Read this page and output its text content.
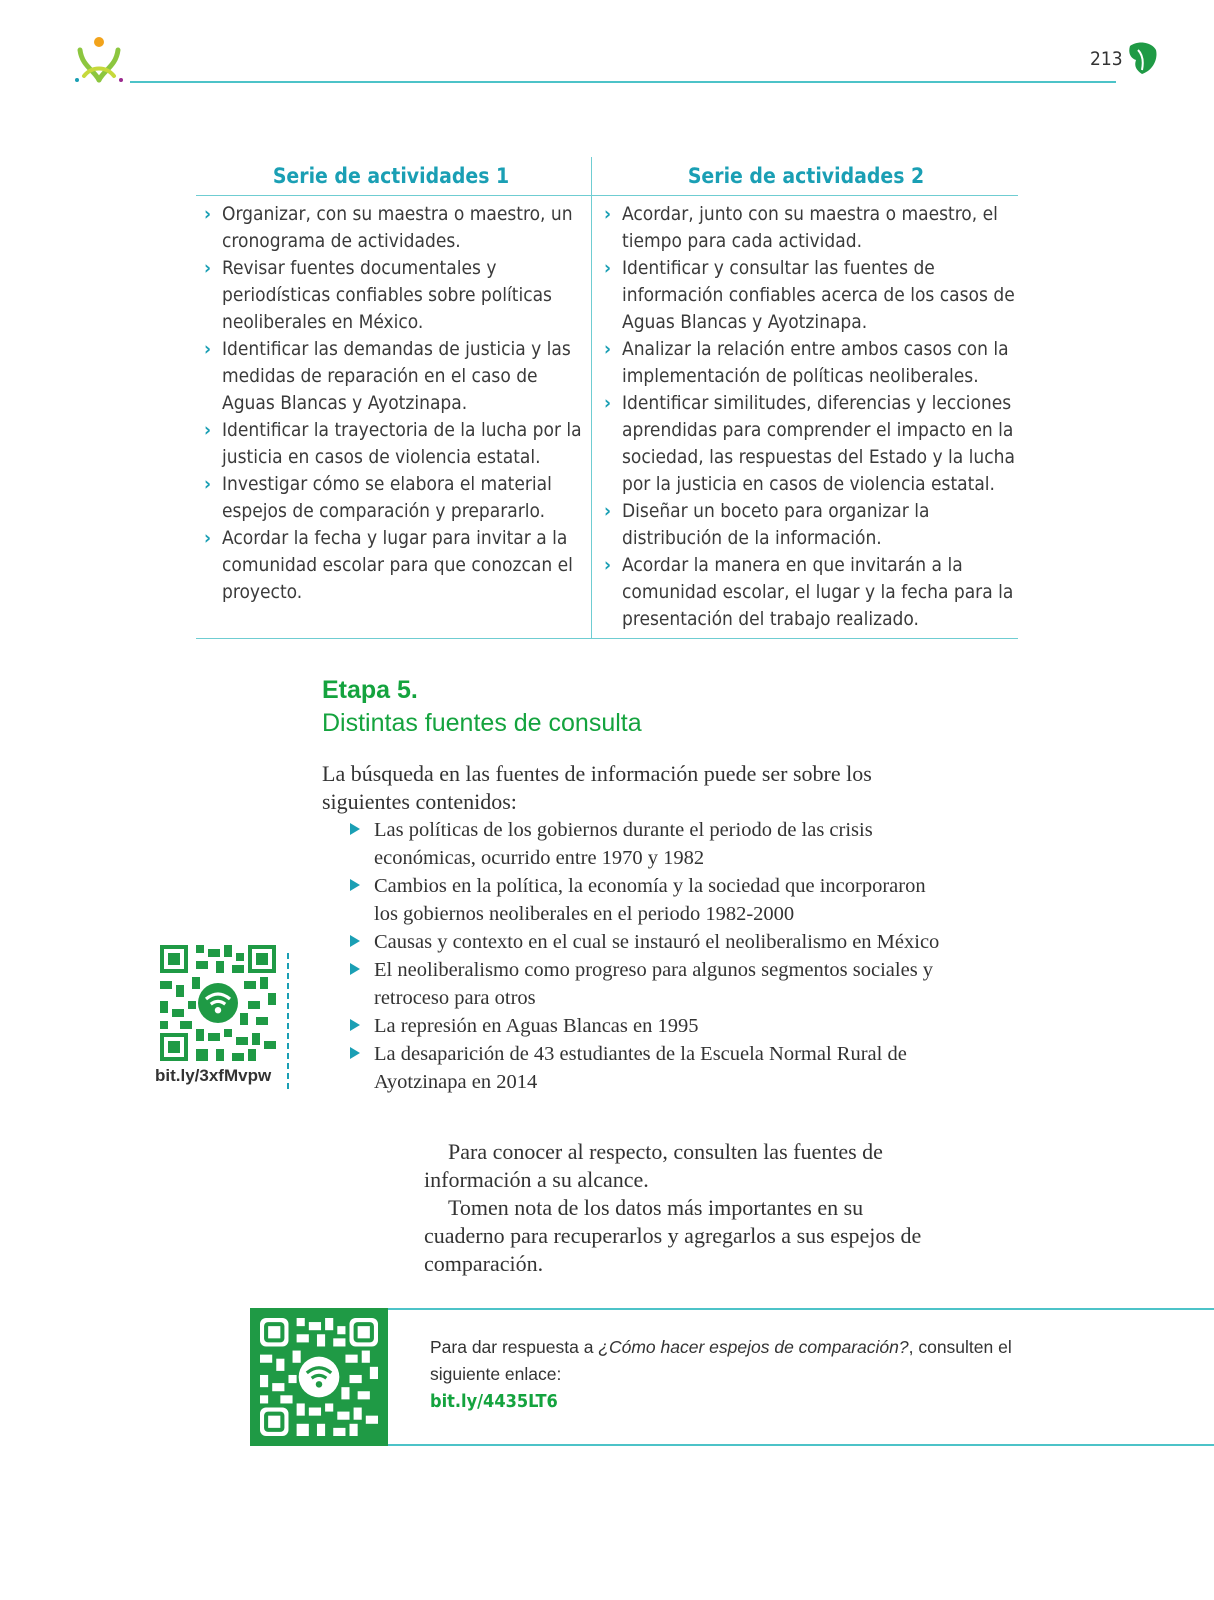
213
Serie de actividades 1
› Organizar, con su maestra o maestro, un cronograma de actividades.
› Revisar fuentes documentales y periodísticas confiables sobre políticas neoliberales en México.
› Identificar las demandas de justicia y las medidas de reparación en el caso de Aguas Blancas y Ayotzinapa.
› Identificar la trayectoria de la lucha por la justicia en casos de violencia estatal.
› Investigar cómo se elabora el material espejos de comparación y prepararlo.
› Acordar la fecha y lugar para invitar a la comunidad escolar para que conozcan el proyecto.
Serie de actividades 2
› Acordar, junto con su maestra o maestro, el tiempo para cada actividad.
› Identificar y consultar las fuentes de información confiables acerca de los casos de Aguas Blancas y Ayotzinapa.
› Analizar la relación entre ambos casos con la implementación de políticas neoliberales.
› Identificar similitudes, diferencias y lecciones aprendidas para comprender el impacto en la sociedad, las respuestas del Estado y la lucha por la justicia en casos de violencia estatal.
› Diseñar un boceto para organizar la distribución de la información.
› Acordar la manera en que invitarán a la comunidad escolar, el lugar y la fecha para la presentación del trabajo realizado.
Etapa 5.
Distintas fuentes de consulta
La búsqueda en las fuentes de información puede ser sobre los siguientes contenidos:
Las políticas de los gobiernos durante el periodo de las crisis económicas, ocurrido entre 1970 y 1982
Cambios en la política, la economía y la sociedad que incorporaron los gobiernos neoliberales en el periodo 1982-2000
Causas y contexto en el cual se instauró el neoliberalismo en México
El neoliberalismo como progreso para algunos segmentos sociales y retroceso para otros
La represión en Aguas Blancas en 1995
La desaparición de 43 estudiantes de la Escuela Normal Rural de Ayotzinapa en 2014

Para conocer al respecto, consulten las fuentes de información a su alcance.

Tomen nota de los datos más importantes en su cuaderno para recuperarlos y agregarlos a sus espejos de comparación.

bit.ly/3xfMvpw
Para dar respuesta a ¿Cómo hacer espejos de comparación?, consulten el siguiente enlace:
bit.ly/4435LT6
